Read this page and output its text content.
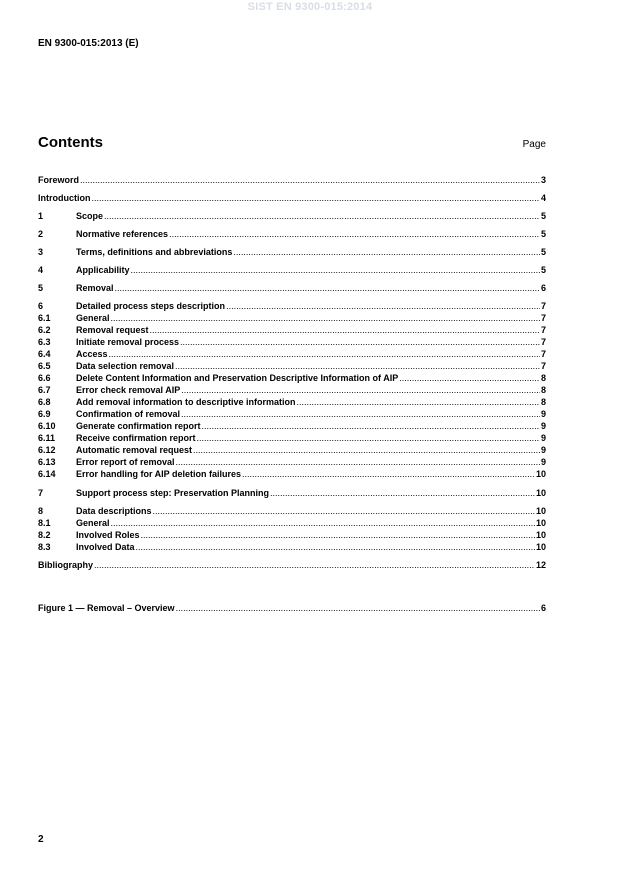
SIST EN 9300-015:2014
EN 9300-015:2013 (E)
Contents	Page
Foreword .....	3
Introduction .....	4
1	Scope .....	5
2	Normative references .....	5
3	Terms, definitions and abbreviations .....	5
4	Applicability .....	5
5	Removal .....	6
6	Detailed process steps description .....	7
6.1	General .....	7
6.2	Removal request .....	7
6.3	Initiate removal process .....	7
6.4	Access .....	7
6.5	Data selection removal .....	7
6.6	Delete Content Information and Preservation Descriptive Information of AIP .....	8
6.7	Error check removal AIP .....	8
6.8	Add removal information to descriptive information .....	8
6.9	Confirmation of removal .....	9
6.10	Generate confirmation report .....	9
6.11	Receive confirmation report .....	9
6.12	Automatic removal request .....	9
6.13	Error report of removal .....	9
6.14	Error handling for AIP deletion failures .....	10
7	Support process step: Preservation Planning .....	10
8	Data descriptions .....	10
8.1	General .....	10
8.2	Involved Roles .....	10
8.3	Involved Data .....	10
Bibliography .....	12
Figure 1 — Removal – Overview .....	6
2
